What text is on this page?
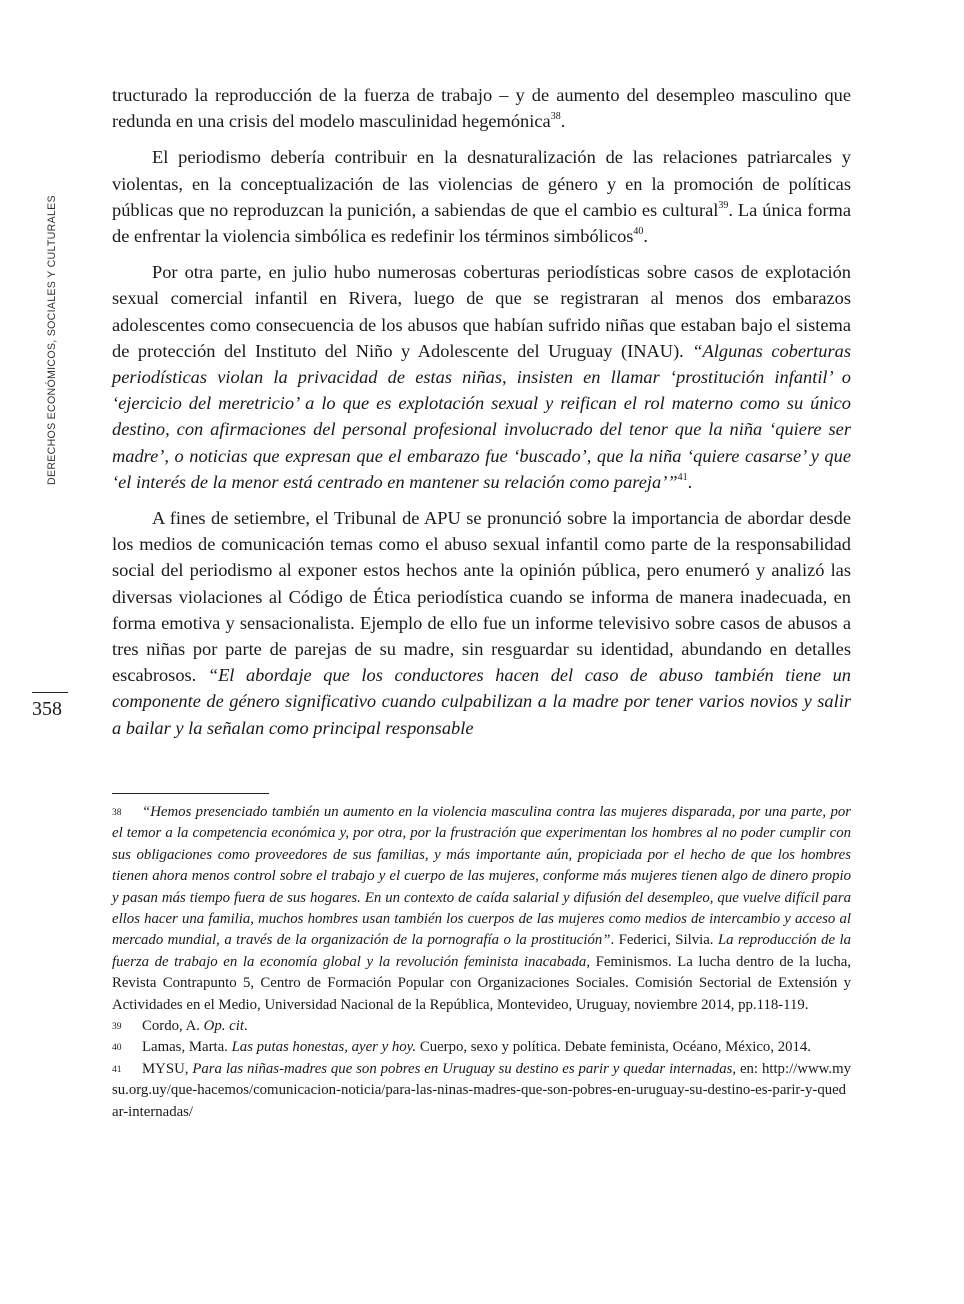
DERECHOS ECONÓMICOS, SOCIALES Y CULTURALES
358

tructurado la reproducción de la fuerza de trabajo – y de aumento del desempleo masculino que redunda en una crisis del modelo masculinidad hegemónica$^{38}$.

El periodismo debería contribuir en la desnaturalización de las relaciones patriarcales y violentas, en la conceptualización de las violencias de género y en la promoción de políticas públicas que no reproduzcan la punición, a sabiendas de que el cambio es cultural$^{39}$. La única forma de enfrentar la violencia simbólica es redefinir los términos simbólicos$^{40}$.

Por otra parte, en julio hubo numerosas coberturas periodísticas sobre casos de explotación sexual comercial infantil en Rivera, luego de que se registraran al menos dos embarazos adolescentes como consecuencia de los abusos que habían sufrido niñas que estaban bajo el sistema de protección del Instituto del Niño y Adolescente del Uruguay (INAU). “Algunas coberturas periodísticas violan la privacidad de estas niñas, insisten en llamar ‘prostitución infantil’ o ‘ejercicio del meretricio’ a lo que es explotación sexual y reifican el rol materno como su único destino, con afirmaciones del personal profesional involucrado del tenor que la niña ‘quiere ser madre’, o noticias que expresan que el embarazo fue ‘buscado’, que la niña ‘quiere casarse’ y que ‘el interés de la menor está centrado en mantener su relación como pareja’”$^{41}$.

A fines de setiembre, el Tribunal de APU se pronunció sobre la importancia de abordar desde los medios de comunicación temas como el abuso sexual infantil como parte de la responsabilidad social del periodismo al exponer estos hechos ante la opinión pública, pero enumeró y analizó las diversas violaciones al Código de Ética periodística cuando se informa de manera inadecuada, en forma emotiva y sensacionalista. Ejemplo de ello fue un informe televisivo sobre casos de abusos a tres niñas por parte de parejas de su madre, sin resguardar su identidad, abundando en detalles escabrosos. “El abordaje que los conductores hacen del caso de abuso también tiene un componente de género significativo cuando culpabilizan a la madre por tener varios novios y salir a bailar y la señalan como principal responsable

38 “Hemos presenciado también un aumento en la violencia masculina contra las mujeres disparada, por una parte, por el temor a la competencia económica y, por otra, por la frustración que experimentan los hombres al no poder cumplir con sus obligaciones como proveedores de sus familias, y más importante aún, propiciada por el hecho de que los hombres tienen ahora menos control sobre el trabajo y el cuerpo de las mujeres, conforme más mujeres tienen algo de dinero propio y pasan más tiempo fuera de sus hogares. En un contexto de caída salarial y difusión del desempleo, que vuelve difícil para ellos hacer una familia, muchos hombres usan también los cuerpos de las mujeres como medios de intercambio y acceso al mercado mundial, a través de la organización de la pornografía o la prostitución”. Federici, Silvia. La reproducción de la fuerza de trabajo en la economía global y la revolución feminista inacabada, Feminismos. La lucha dentro de la lucha, Revista Contrapunto 5, Centro de Formación Popular con Organizaciones Sociales. Comisión Sectorial de Extensión y Actividades en el Medio, Universidad Nacional de la República, Montevideo, Uruguay, noviembre 2014, pp.118-119.

39 Cordo, A. Op. cit.

40 Lamas, Marta. Las putas honestas, ayer y hoy. Cuerpo, sexo y política. Debate feminista, Océano, México, 2014.

41 MYSU, Para las niñas-madres que son pobres en Uruguay su destino es parir y quedar internadas, en: http://www.mysu.org.uy/que-hacemos/comunicacion-noticia/para-las-ninas-madres-que-son-pobres-en-uruguay-su-destino-es-parir-y-quedar-internadas/
